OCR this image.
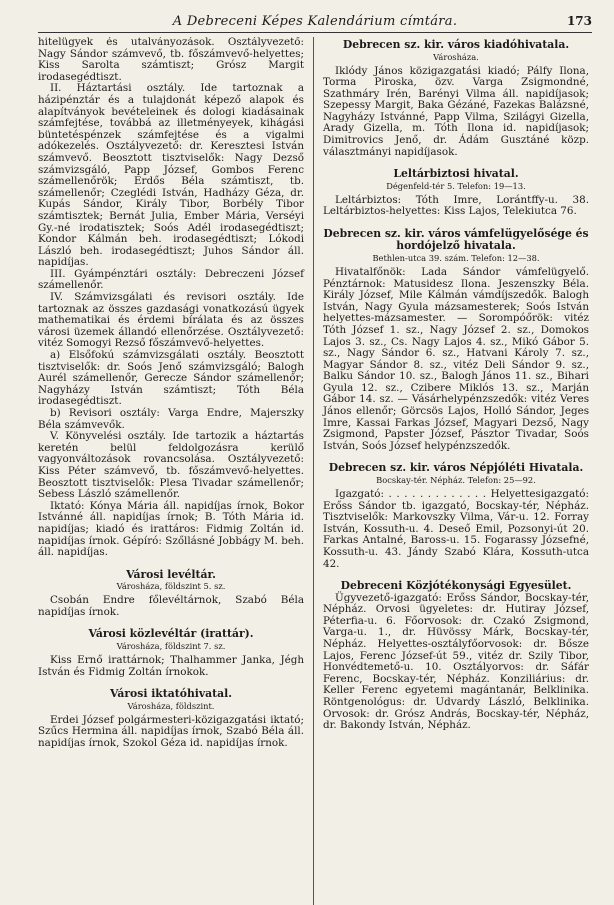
A Debreceni Képes Kalendárium címtára.	173

hitelügyek és utalványozások. Osztályvezető: Nagy Sándor számvevő, tb. főszámvevő-helyettes; Kiss Sarolta számtiszt; Grósz Margit irodasegédtiszt.

II. Háztartási osztály. Ide tartoznak a házipénztár és a tulajdonát képező alapok és alapítványok bevételeinek és dologi kiadásainak számfejtése, továbbá az illetményeyek, kihágási büntetéspénzek számfejtése és a vigalmi adókezelés. Osztályvezető: dr. Keresztesi István számvevő. Beosztott tisztviselők: Nagy Dezső számvizsgáló, Papp József, Gombos Ferenc számellenőrök; Erdős Béla számtiszt, tb. számellenőr; Czeglédi István, Hadházy Géza, dr. Kupás Sándor, Király Tibor, Borbély Tibor számtisztek; Bernát Julia, Ember Mária, Verséyi Gy.-né irodatisztek; Soós Adél irodasegédtiszt; Kondor Kálmán beh. irodasegédtiszt; Lókodi László beh. irodasegédtiszt; Juhos Sándor áll. napidíjas.

III. Gyámpénztári osztály: Debreczeni József számellenőr.

IV. Számvizsgálati és revisori osztály. Ide tartoznak az összes gazdasági vonatkozású ügyek mathematikai és érdemi bírálata és az összes városi üzemek állandó ellenőrzése. Osztályvezető: vitéz Somogyi Rezső főszámvevő-helyettes.

a) Elsőfokú számvizsgálati osztály. Beosztott tisztviselők: dr. Soós Jenő számvizsgáló; Balogh Aurél számellenőr, Gerecze Sándor számellenőr; Nagyházy István számtiszt; Tóth Béla irodasegédtiszt.

b) Revisori osztály: Varga Endre, Majerszky Béla számvevők.

V. Könyvelési osztály. Ide tartozik a háztartás keretén belül feldolgozásra kerülő vagyonváltozások rovancsolása. Osztályvezető: Kiss Péter számvevő, tb. főszámvevő-helyettes. Beosztott tisztviselők: Plesa Tivadar számellenőr; Sebess László számellenőr.

Iktató: Kónya Mária áll. napidíjas írnok, Bokor Istvánné áll. napidíjas írnok; B. Tóth Mária id. napidíjas; kiadó és irattáros: Fidmig Zoltán id. napidíjas írnok. Gépíró: Szőllásné Jobbágy M. beh. áll. napidíjas.

Városi levéltár.
Városháza, földszint 5. sz.

Csobán Endre főlevéltárnok, Szabó Béla napidíjas írnok.

Városi közlevéltár (irattár).
Városháza, földszint 7. sz.

Kiss Ernő irattárnok; Thalhammer Janka, Jégh István és Fidmig Zoltán írnokok.

Városi iktatóhivatal.
Városháza, földszint.

Erdei József polgármesteri-közigazgatási iktató; Szűcs Hermina áll. napidíjas írnok, Szabó Béla áll. napidíjas írnok, Szokol Géza id. napidíjas írnok.

Debrecen sz. kir. város kiadóhivatala.
Városháza.

Iklódy János közigazgatási kiadó; Pálfy Ilona, Torma Piroska, özv. Varga Zsigmondné, Szathmáry Irén, Barényi Vilma áll. napidíjasok; Szepessy Margit, Baka Gézáné, Fazekas Balázsné, Nagyházy Istvánné, Papp Vilma, Szilágyi Gizella, Arady Gizella, m. Tóth Ilona id. napidíjasok; Dimitrovics Jenő, dr. Ádám Gusztáné közp. választmányi napidíjasok.

Leltárbiztosi hivatal.
Dégenfeld-tér 5. Telefon: 19—13.

Leltárbiztos: Tóth Imre, Lorántffy-u. 38. Leltárbiztos-helyettes: Kiss Lajos, Telekiutca 76.

Debrecen sz. kir. város vámfelügyelősége és hordójelző hivatala.
Bethlen-utca 39. szám. Telefon: 12—38.

Hivatalfőnök: Lada Sándor vámfelügyelő. Pénztárnok: Matusidesz Ilona. Jeszenszky Béla. Király József, Mile Kálmán vámdíjszedők. Balogh István, Nagy Gyula mázsamesterek; Soós István helyettes-mázsamester. — Sorompóőrök: vitéz Tóth József 1. sz., Nagy József 2. sz., Domokos Lajos 3. sz., Cs. Nagy Lajos 4. sz., Mikó Gábor 5. sz., Nagy Sándor 6. sz., Hatvani Károly 7. sz., Magyar Sándor 8. sz., vitéz Deli Sándor 9. sz., Balku Sándor 10. sz., Balogh János 11. sz., Bihari Gyula 12. sz., Czibere Miklós 13. sz., Marján Gábor 14. sz. — Vásárhelypénzszedők: vitéz Veres János ellenőr; Görcsös Lajos, Holló Sándor, Jeges Imre, Kassai Farkas József, Magyari Dezső, Nagy Zsigmond, Papster József, Pásztor Tivadar, Soós István, Soós József helypénzszedők.

Debrecen sz. kir. város Népjóléti Hivatala.
Bocskay-tér. Népház. Telefon: 25—92.

Igazgató: . . . . . . . . . . . . . Helyettesigazgató: Erőss Sándor tb. igazgató, Bocskay-tér, Népház. Tisztviselők: Markovszky Vilma, Vár-u. 12. Forray István, Kossuth-u. 4. Deseő Emil, Pozsonyi-út 20. Farkas Antalné, Baross-u. 15. Fogarassy Józsefné, Kossuth-u. 43. Jándy Szabó Klára, Kossuth-utca 42.

Debreceni Közjótékonysági Egyesület.

Ügyvezető-igazgató: Erőss Sándor, Bocskay-tér, Népház. Orvosi ügyeletes: dr. Hutiray József, Péterfia-u. 6. Főorvosok: dr. Czakó Zsigmond, Varga-u. 1., dr. Hüvössy Márk, Bocskay-tér, Népház. Helyettes-osztályfőorvosok: dr. Bősze Lajos, Ferenc József-út 59., vitéz dr. Szily Tibor, Honvédtemető-u. 10. Osztályorvos: dr. Sáfár Ferenc, Bocskay-tér, Népház. Konziliárius: dr. Keller Ferenc egyetemi magántanár, Belklinika. Röntgenológus: dr. Udvardy László, Belklinika. Orvosok: dr. Grósz András, Bocskay-tér, Népház, dr. Bakondy István, Népház.
